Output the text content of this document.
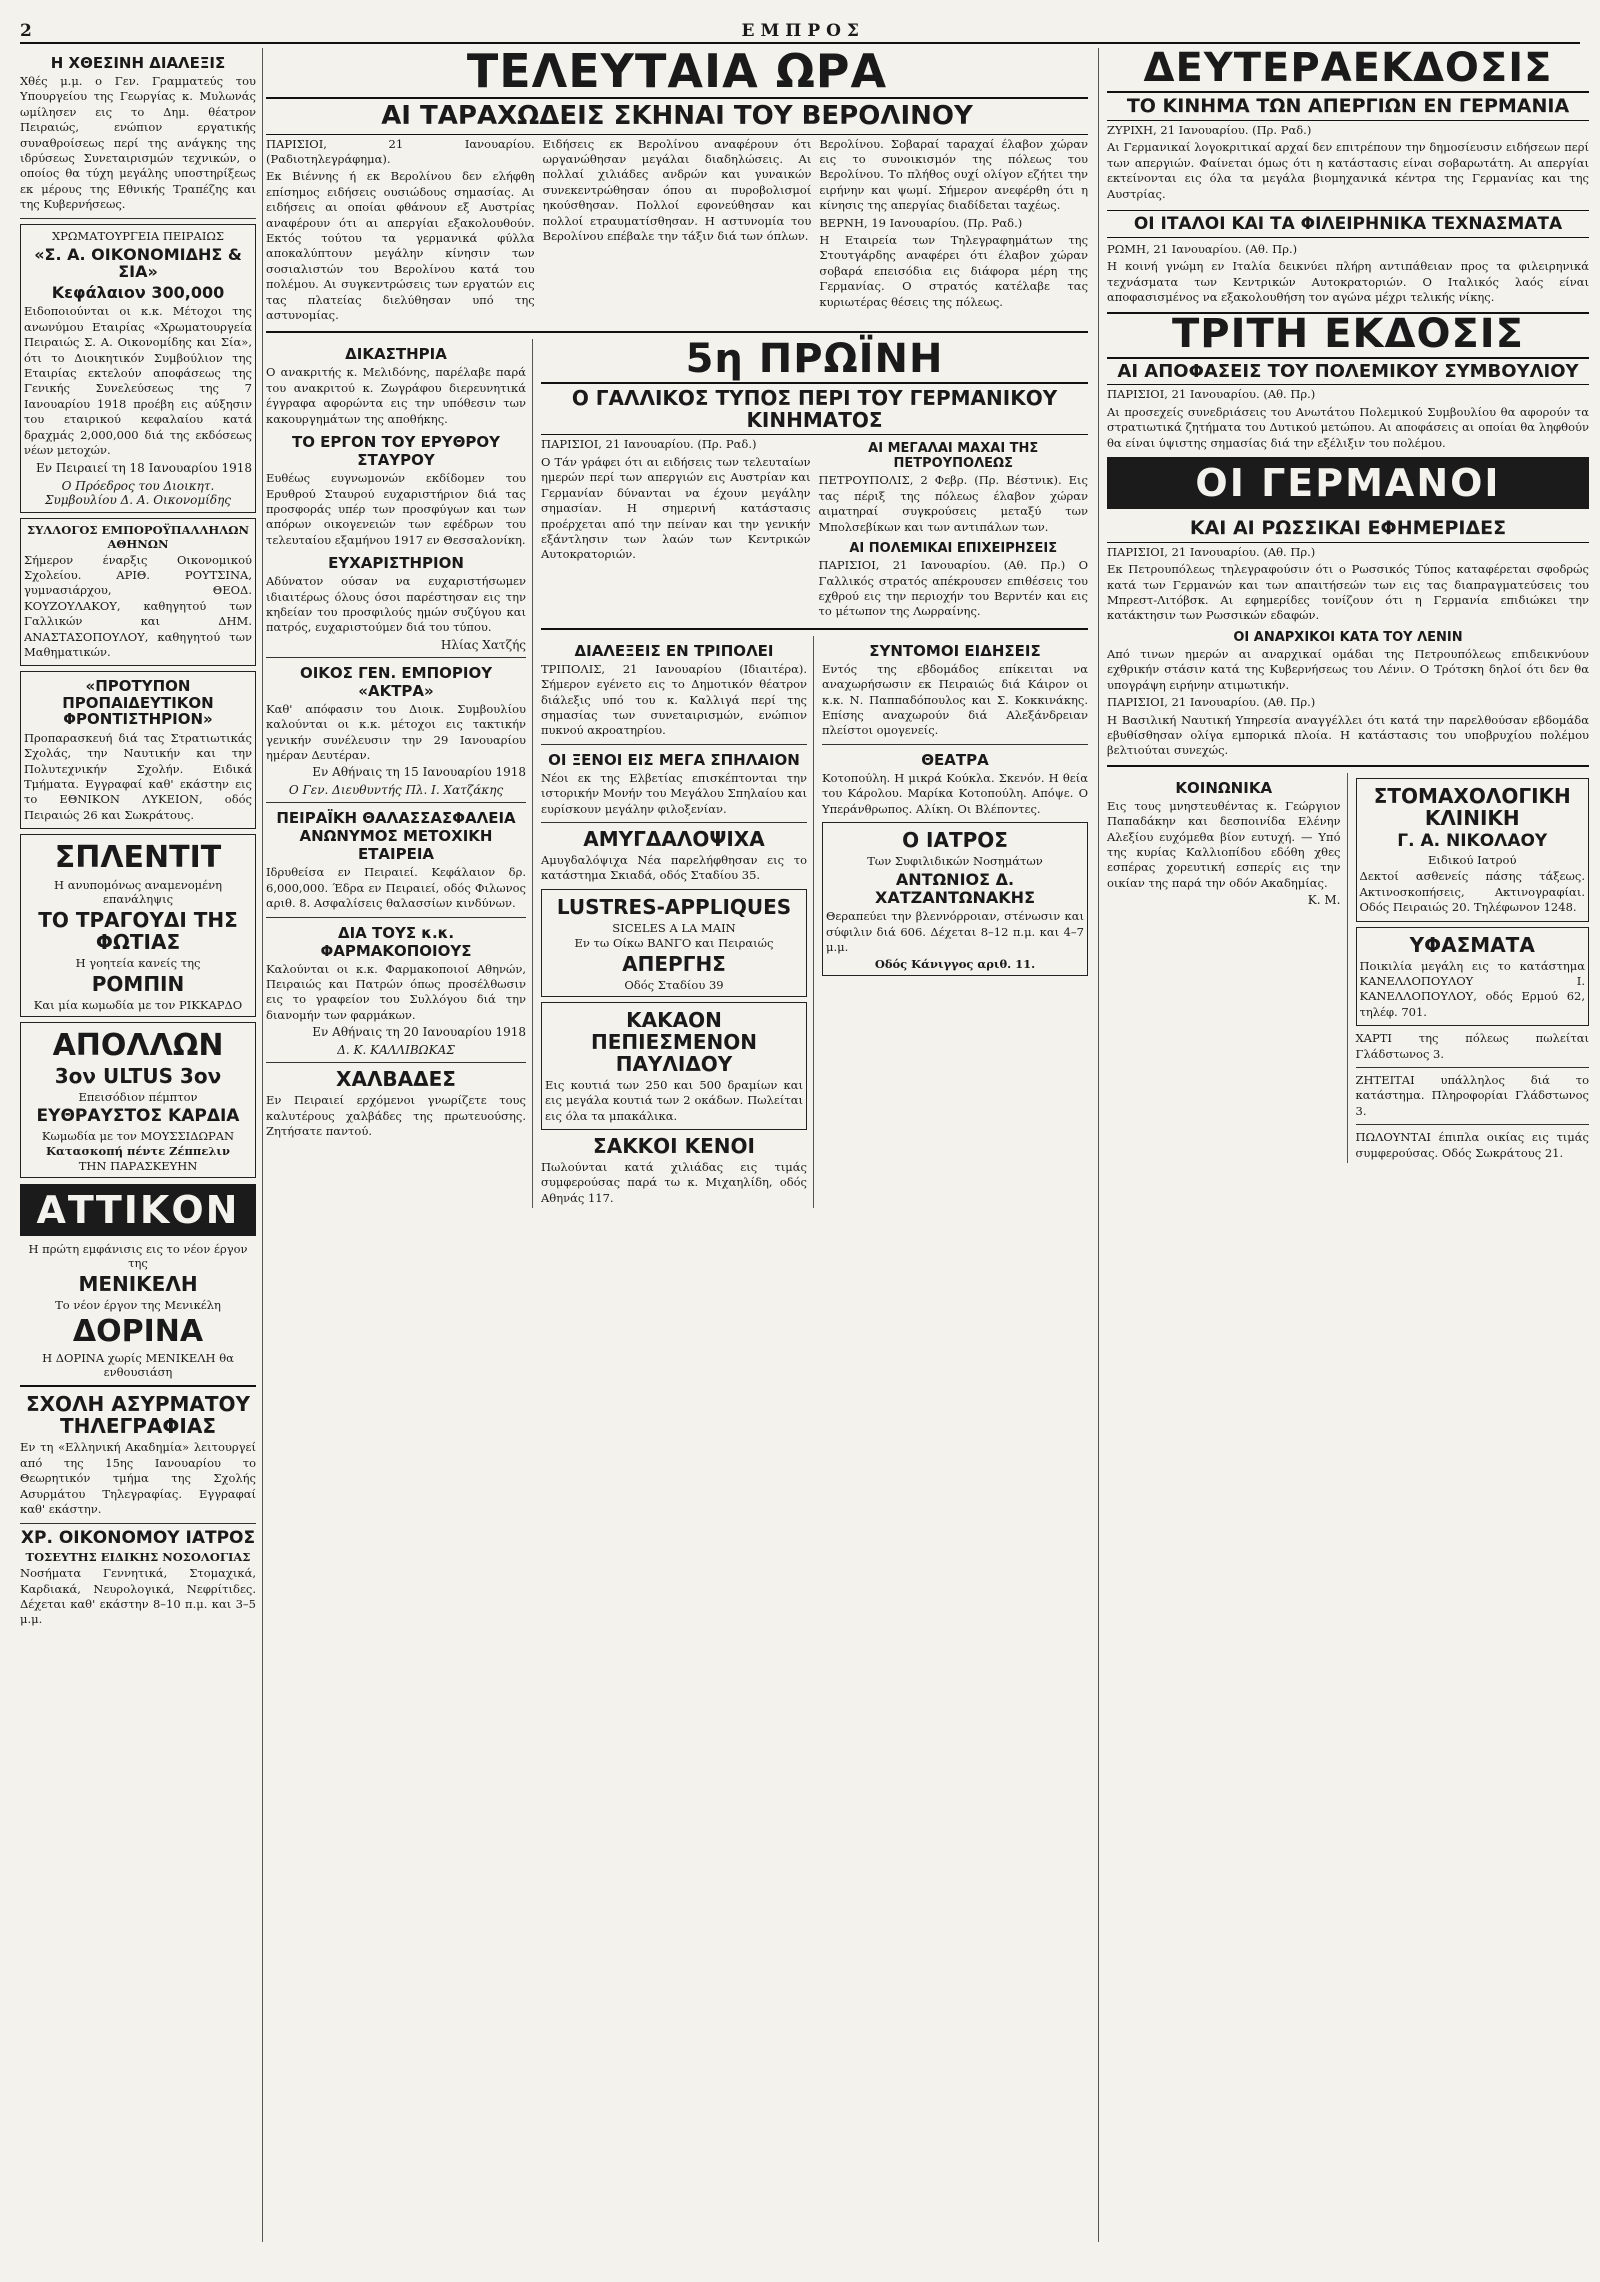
2	ΕΜΠΡΟΣ

Η ΧΘΕΣΙΝΗ ΔΙΑΛΕΞΙΣ
Χθές μ.μ. ο Γεν. Γραμματεύς του Υπουργείου της Γεωργίας κ. Μυλωνάς ωμίλησεν εις το Δημ. θέατρον Πειραιώς, ενώπιον εργατικής συναθροίσεως περί της ανάγκης της ιδρύσεως Συνεταιρισμών τεχνικών, ο οποίος θα τύχη μεγάλης υποστηρίξεως εκ μέρους της Εθνικής Τραπέζης και της Κυβερνήσεως.
ΧΡΩΜΑΤΟΥΡΓΕΙΑ ΠΕΙΡΑΙΩΣ
«Σ. Α. ΟΙΚΟΝΟΜΙΔΗΣ & ΣΙΑ»
Κεφάλαιον 300,000
Ειδοποιούνται οι κ.κ. Μέτοχοι της ανωνύμου Εταιρίας «Χρωματουργεία Πειραιώς Σ. Α. Οικονομίδης και Σία», ότι το Διοικητικόν Συμβούλιον της Εταιρίας εκτελούν αποφάσεως της Γενικής Συνελεύσεως της 7 Ιανουαρίου 1918 προέβη εις αύξησιν του εταιρικού κεφαλαίου κατά δραχμάς 2,000,000 διά της εκδόσεως νέων μετοχών.
Εν Πειραιεί τη 18 Ιανουαρίου 1918
Ο Πρόεδρος του Διοικητ. Συμβουλίου Δ. Α. Οικονομίδης
ΣΥΛΛΟΓΟΣ ΕΜΠΟΡΟΫΠΑΛΛΗΛΩΝ ΑΘΗΝΩΝ
Σήμερον έναρξις Οικονομικού Σχολείου. ΑΡΙΘ. ΡΟΥΤΣΙΝΑ, γυμνασιάρχου, ΘΕΟΔ. ΚΟΥΖΟΥΛΑΚΟΥ, καθηγητού των Γαλλικών και ΔΗΜ. ΑΝΑΣΤΑΣΟΠΟΥΛΟΥ, καθηγητού των Μαθηματικών.
«ΠΡΟΤΥΠΟΝ ΠΡΟΠΑΙΔΕΥΤΙΚΟΝ ΦΡΟΝΤΙΣΤΗΡΙΟΝ»
Προπαρασκευή διά τας Στρατιωτικάς Σχολάς, την Ναυτικήν και την Πολυτεχνικήν Σχολήν. Ειδικά Τμήματα. Εγγραφαί καθ' εκάστην εις το ΕΘΝΙΚΟΝ ΛΥΚΕΙΟΝ, οδός Πειραιώς 26 και Σωκράτους.
ΣΠΛΕΝΤΙΤ
Η ανυπομόνως αναμενομένη επανάληψις
ΤΟ ΤΡΑΓΟΥΔΙ ΤΗΣ ΦΩΤΙΑΣ
Η γοητεία κανείς της
ΡΟΜΠΙΝ
Και μία κωμωδία με τον ΡΙΚΚΑΡΔΟ
ΑΠΟΛΛΩΝ
3ον ULTUS 3ον
Επεισόδιον πέμπτον
ΕΥΘΡΑΥΣΤΟΣ ΚΑΡΔΙΑ
Κωμωδία με τον ΜΟΥΣΣΙΔΩΡΑΝ
Κατασκοπή πέντε Ζέππελιν
ΤΗΝ ΠΑΡΑΣΚΕΥΗΝ
ΑΤΤΙΚΟΝ
Η πρώτη εμφάνισις εις το νέον έργον της
ΜΕΝΙΚΕΛΗ
Το νέον έργον της Μενικέλη
ΔΟΡΙΝΑ
Η ΔΟΡΙΝΑ χωρίς ΜΕΝΙΚΕΛΗ θα ενθουσιάση
ΣΧΟΛΗ ΑΣΥΡΜΑΤΟΥ ΤΗΛΕΓΡΑΦΙΑΣ
Εν τη «Ελληνική Ακαδημία» λειτουργεί από της 15ης Ιανουαρίου το Θεωρητικόν τμήμα της Σχολής Ασυρμάτου Τηλεγραφίας. Εγγραφαί καθ' εκάστην.
ΧΡ. ΟΙΚΟΝΟΜΟΥ ΙΑΤΡΟΣ
ΤΟΣΕΥΤΗΣ ΕΙΔΙΚΗΣ ΝΟΣΟΛΟΓΙΑΣ
Νοσήματα Γεννητικά, Στομαχικά, Καρδιακά, Νευρολογικά, Νεφρίτιδες. Δέχεται καθ' εκάστην 8–10 π.μ. και 3–5 μ.μ.
ΤΕΛΕΥΤΑΙΑ ΩΡΑ
ΑΙ ΤΑΡΑΧΩΔΕΙΣ ΣΚΗΝΑΙ ΤΟΥ ΒΕΡΟΛΙΝΟΥ
ΠΑΡΙΣΙΟΙ, 21 Ιανουαρίου. (Ραδιοτηλεγράφημα).
Εκ Βιέννης ή εκ Βερολίνου δεν ελήφθη επίσημος ειδήσεις ουσιώδους σημασίας. Αι ειδήσεις αι οποίαι φθάνουν εξ Αυστρίας αναφέρουν ότι αι απεργίαι εξακολουθούν. Εκτός τούτου τα γερμανικά φύλλα αποκαλύπτουν μεγάλην κίνησιν των σοσιαλιστών του Βερολίνου κατά του πολέμου. Αι συγκεντρώσεις των εργατών εις τας πλατείας διελύθησαν υπό της αστυνομίας.
Ειδήσεις εκ Βερολίνου αναφέρουν ότι ωργανώθησαν μεγάλαι διαδηλώσεις. Αι πολλαί χιλιάδες ανδρών και γυναικών συνεκεντρώθησαν όπου αι πυροβολισμοί ηκούσθησαν. Πολλοί εφονεύθησαν και πολλοί ετραυματίσθησαν. Η αστυνομία του Βερολίνου επέβαλε την τάξιν διά των όπλων.
Βερολίνου. Σοβαραί ταραχαί έλαβον χώραν εις το συνοικισμόν της πόλεως του Βερολίνου. Το πλήθος ουχί ολίγον εζήτει την ειρήνην και ψωμί. Σήμερον ανεφέρθη ότι η κίνησις της απεργίας διαδίδεται ταχέως.
ΒΕΡΝΗ, 19 Ιανουαρίου. (Πρ. Ραδ.)
Η Εταιρεία των Τηλεγραφημάτων της Στουτγάρδης αναφέρει ότι έλαβον χώραν σοβαρά επεισόδια εις διάφορα μέρη της Γερμανίας. Ο στρατός κατέλαβε τας κυριωτέρας θέσεις της πόλεως.
ΔΙΚΑΣΤΗΡΙΑ
Ο ανακριτής κ. Μελιδόνης, παρέλαβε παρά του ανακριτού κ. Ζωγράφου διερευνητικά έγγραφα αφορώντα εις την υπόθεσιν των κακουργημάτων της αποθήκης.
ΤΟ ΕΡΓΟΝ ΤΟΥ ΕΡΥΘΡΟΥ ΣΤΑΥΡΟΥ
Ευθέως ευγνωμονών εκδίδομεν του Ερυθρού Σταυρού ευχαριστήριον διά τας προσφοράς υπέρ των προσφύγων και των απόρων οικογενειών των εφέδρων του τελευταίου εξαμήνου 1917 εν Θεσσαλονίκη.
ΕΥΧΑΡΙΣΤΗΡΙΟΝ
Αδύνατον ούσαν να ευχαριστήσωμεν ιδιαιτέρως όλους όσοι παρέστησαν εις την κηδείαν του προσφιλούς ημών συζύγου και πατρός, ευχαριστούμεν διά του τύπου.
Ηλίας Χατζής
ΟΙΚΟΣ ΓΕΝ. ΕΜΠΟΡΙΟΥ «ΑΚΤΡΑ»
Καθ' απόφασιν του Διοικ. Συμβουλίου καλούνται οι κ.κ. μέτοχοι εις τακτικήν γενικήν συνέλευσιν την 29 Ιανουαρίου ημέραν Δευτέραν.
Εν Αθήναις τη 15 Ιανουαρίου 1918
Ο Γεν. Διευθυντής Πλ. Ι. Χατζάκης
ΠΕΙΡΑΪΚΗ ΘΑΛΑΣΣΑΣΦΑΛΕΙΑ ΑΝΩΝΥΜΟΣ ΜΕΤΟΧΙΚΗ ΕΤΑΙΡΕΙΑ
Ιδρυθείσα εν Πειραιεί. Κεφάλαιον δρ. 6,000,000. Έδρα εν Πειραιεί, οδός Φιλωνος αριθ. 8. Ασφαλίσεις θαλασσίων κινδύνων.
ΔΙΑ ΤΟΥΣ κ.κ. ΦΑΡΜΑΚΟΠΟΙΟΥΣ
Καλούνται οι κ.κ. Φαρμακοποιοί Αθηνών, Πειραιώς και Πατρών όπως προσέλθωσιν εις το γραφείον του Συλλόγου διά την διανομήν των φαρμάκων.
Εν Αθήναις τη 20 Ιανουαρίου 1918
Δ. Κ. ΚΑΛΛΙΒΩΚΑΣ
ΧΑΛΒΑΔΕΣ
Εν Πειραιεί ερχόμενοι γνωρίζετε τους καλυτέρους χαλβάδες της πρωτευούσης. Ζητήσατε παντού.
5η ΠΡΩΪΝΗ
Ο ΓΑΛΛΙΚΟΣ ΤΥΠΟΣ ΠΕΡΙ ΤΟΥ ΓΕΡΜΑΝΙΚΟΥ ΚΙΝΗΜΑΤΟΣ
ΠΑΡΙΣΙΟΙ, 21 Ιανουαρίου. (Πρ. Ραδ.)
Ο Τάν γράφει ότι αι ειδήσεις των τελευταίων ημερών περί των απεργιών εις Αυστρίαν και Γερμανίαν δύνανται να έχουν μεγάλην σημασίαν. Η σημερινή κατάστασις προέρχεται από την πείναν και την γενικήν εξάντλησιν των λαών των Κεντρικών Αυτοκρατοριών.
ΑΙ ΜΕΓΑΛΑΙ ΜΑΧΑΙ ΤΗΣ ΠΕΤΡΟΥΠΟΛΕΩΣ
ΠΕΤΡΟΥΠΟΛΙΣ, 2 Φεβρ. (Πρ. Βέστνικ). Εις τας πέριξ της πόλεως έλαβον χώραν αιματηραί συγκρούσεις μεταξύ των Μπολσεβίκων και των αντιπάλων των.
ΑΙ ΠΟΛΕΜΙΚΑΙ ΕΠΙΧΕΙΡΗΣΕΙΣ
ΠΑΡΙΣΙΟΙ, 21 Ιανουαρίου. (Αθ. Πρ.) Ο Γαλλικός στρατός απέκρουσεν επιθέσεις του εχθρού εις την περιοχήν του Βερντέν και εις το μέτωπον της Λωρραίνης.
ΔΙΑΛΕΞΕΙΣ ΕΝ ΤΡΙΠΟΛΕΙ
ΤΡΙΠΟΛΙΣ, 21 Ιανουαρίου (Ιδιαιτέρα). Σήμερον εγένετο εις το Δημοτικόν θέατρον διάλεξις υπό του κ. Καλλιγά περί της σημασίας των συνεταιρισμών, ενώπιον πυκνού ακροατηρίου.
ΟΙ ΞΕΝΟΙ ΕΙΣ ΜΕΓΑ ΣΠΗΛΑΙΟΝ
Νέοι εκ της Ελβετίας επισκέπτονται την ιστορικήν Μονήν του Μεγάλου Σπηλαίου και ευρίσκουν μεγάλην φιλοξενίαν.
ΑΜΥΓΔΑΛΟΨΙΧΑ
Αμυγδαλόψιχα Νέα παρελήφθησαν εις το κατάστημα Σκιαδά, οδός Σταδίου 35.
LUSTRES-APPLIQUES
SICELES A LA MAIN
Εν τω Οίκω ΒΑΝΓΟ και Πειραιώς
ΑΠΕΡΓΗΣ
Οδός Σταδίου 39
ΚΑΚΑΟΝ ΠΕΠΙΕΣΜΕΝΟΝ ΠΑΥΛΙΔΟΥ
Εις κουτιά των 250 και 500 δραμίων και εις μεγάλα κουτιά των 2 οκάδων. Πωλείται εις όλα τα μπακάλικα.
ΣΑΚΚΟΙ ΚΕΝΟΙ
Πωλούνται κατά χιλιάδας εις τιμάς συμφερούσας παρά τω κ. Μιχαηλίδη, οδός Αθηνάς 117.
ΣΥΝΤΟΜΟΙ ΕΙΔΗΣΕΙΣ
Εντός της εβδομάδος επίκειται να αναχωρήσωσιν εκ Πειραιώς διά Κάιρον οι κ.κ. Ν. Παππαδόπουλος και Σ. Κοκκινάκης. Επίσης αναχωρούν διά Αλεξάνδρειαν πλείστοι ομογενείς.
ΘΕΑΤΡΑ
Κοτοπούλη. Η μικρά Κούκλα. Σκενόν. Η θεία του Κάρολου. Μαρίκα Κοτοπούλη. Απόψε. Ο Υπεράνθρωπος. Αλίκη. Οι Βλέποντες.
Ο ΙΑΤΡΟΣ
Των Συφιλιδικών Νοσημάτων
ΑΝΤΩΝΙΟΣ Δ. ΧΑΤΖΑΝΤΩΝΑΚΗΣ
Θεραπεύει την βλεννόρροιαν, στένωσιν και σύφιλιν διά 606. Δέχεται 8–12 π.μ. και 4–7 μ.μ.
Οδός Κάνιγγος αριθ. 11.
ΔΕΥΤΕΡΑΕΚΔΟΣΙΣ
ΤΟ ΚΙΝΗΜΑ ΤΩΝ ΑΠΕΡΓΙΩΝ ΕΝ ΓΕΡΜΑΝΙΑ
ΖΥΡΙΧΗ, 21 Ιανουαρίου. (Πρ. Ραδ.)
Αι Γερμανικαί λογοκριτικαί αρχαί δεν επιτρέπουν την δημοσίευσιν ειδήσεων περί των απεργιών. Φαίνεται όμως ότι η κατάστασις είναι σοβαρωτάτη. Αι απεργίαι εκτείνονται εις όλα τα μεγάλα βιομηχανικά κέντρα της Γερμανίας και της Αυστρίας.
ΟΙ ΙΤΑΛΟΙ ΚΑΙ ΤΑ ΦΙΛΕΙΡΗΝΙΚΑ ΤΕΧΝΑΣΜΑΤΑ
ΡΩΜΗ, 21 Ιανουαρίου. (Αθ. Πρ.)
Η κοινή γνώμη εν Ιταλία δεικνύει πλήρη αντιπάθειαν προς τα φιλειρηνικά τεχνάσματα των Κεντρικών Αυτοκρατοριών. Ο Ιταλικός λαός είναι αποφασισμένος να εξακολουθήση τον αγώνα μέχρι τελικής νίκης.
ΤΡΙΤΗ ΕΚΔΟΣΙΣ
ΑΙ ΑΠΟΦΑΣΕΙΣ ΤΟΥ ΠΟΛΕΜΙΚΟΥ ΣΥΜΒΟΥΛΙΟΥ
ΠΑΡΙΣΙΟΙ, 21 Ιανουαρίου. (Αθ. Πρ.)
Αι προσεχείς συνεδριάσεις του Ανωτάτου Πολεμικού Συμβουλίου θα αφορούν τα στρατιωτικά ζητήματα του Δυτικού μετώπου. Αι αποφάσεις αι οποίαι θα ληφθούν θα είναι ύψιστης σημασίας διά την εξέλιξιν του πολέμου.
ΟΙ ΓΕΡΜΑΝΟΙ
ΚΑΙ ΑΙ ΡΩΣΣΙΚΑΙ ΕΦΗΜΕΡΙΔΕΣ
ΠΑΡΙΣΙΟΙ, 21 Ιανουαρίου. (Αθ. Πρ.)
Εκ Πετρουπόλεως τηλεγραφούσιν ότι ο Ρωσσικός Τύπος καταφέρεται σφοδρώς κατά των Γερμανών και των απαιτήσεών των εις τας διαπραγματεύσεις του Μπρεστ-Λιτόβσκ. Αι εφημερίδες τονίζουν ότι η Γερμανία επιδιώκει την κατάκτησιν των Ρωσσικών εδαφών.
ΟΙ ΑΝΑΡΧΙΚΟΙ ΚΑΤΑ ΤΟΥ ΛΕΝΙΝ
Από τινων ημερών αι αναρχικαί ομάδαι της Πετρουπόλεως επιδεικνύουν εχθρικήν στάσιν κατά της Κυβερνήσεως του Λένιν. Ο Τρότσκη δηλοί ότι δεν θα υπογράψη ειρήνην ατιμωτικήν.
ΠΑΡΙΣΙΟΙ, 21 Ιανουαρίου. (Αθ. Πρ.)
Η Βασιλική Ναυτική Υπηρεσία αναγγέλλει ότι κατά την παρελθούσαν εβδομάδα εβυθίσθησαν ολίγα εμπορικά πλοία. Η κατάστασις του υποβρυχίου πολέμου βελτιούται συνεχώς.
ΚΟΙΝΩΝΙΚΑ
Εις τους μνηστευθέντας κ. Γεώργιον Παπαδάκην και δεσποινίδα Ελένην Αλεξίου ευχόμεθα βίον ευτυχή. — Υπό της κυρίας Καλλιοπίδου εδόθη χθες εσπέρας χορευτική εσπερίς εις την οικίαν της παρά την οδόν Ακαδημίας.
Κ. Μ.
ΣΤΟΜΑΧΟΛΟΓΙΚΗ ΚΛΙΝΙΚΗ
Γ. Α. ΝΙΚΟΛΑΟΥ
Ειδικού Ιατρού
Δεκτοί ασθενείς πάσης τάξεως. Ακτινοσκοπήσεις, Ακτινογραφίαι. Οδός Πειραιώς 20. Τηλέφωνον 1248.
ΥΦΑΣΜΑΤΑ
Ποικιλία μεγάλη εις το κατάστημα ΚΑΝΕΛΛΟΠΟΥΛΟΥ Ι. ΚΑΝΕΛΛΟΠΟΥΛΟΥ, οδός Ερμού 62, τηλέφ. 701.
ΧΑΡΤΙ της πόλεως πωλείται Γλάδστωνος 3.
ΖΗΤΕΙΤΑΙ υπάλληλος διά το κατάστημα. Πληροφορίαι Γλάδστωνος 3.
ΠΩΛΟΥΝΤΑΙ έπιπλα οικίας εις τιμάς συμφερούσας. Οδός Σωκράτους 21.
